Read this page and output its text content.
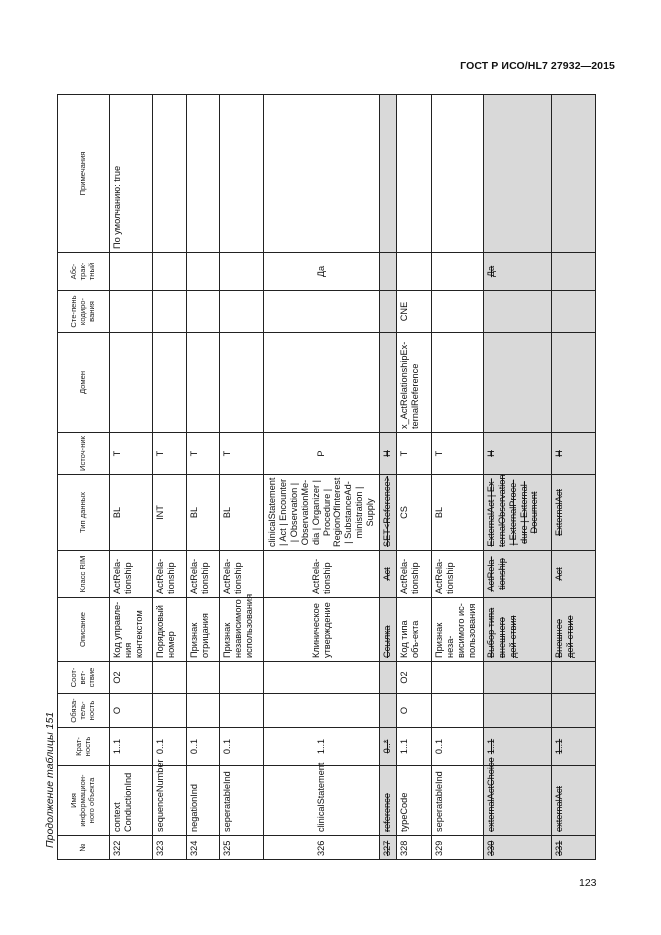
ГОСТ Р ИСО/HL7 27932—2015
Продолжение таблицы 151
123
№	Имя информацион-ного объекта	Крат-ность	Обяза-тель-ность	Соот-вет-ствие	Описание	Класс RIM	Тип данных	Источ-ник	Домен	Сте-пень кодиро-вания	Абс-трак-тный	Примечания
322	context ConductionInd	1..1	O	O2	Код управле-ния контекстом	ActRela-tionship	BL	T				По умолчанию: true
323	sequenceNumber	0..1			Порядковый номер	ActRela-tionship	INT	T				
324	negationInd	0..1			Признак отрицания	ActRela-tionship	BL	T				
325	seperatableInd	0..1			Признак независимого использования	ActRela-tionship	BL	T				
326	clinicalStatement	1..1			Клиническое утверждение	ActRela-tionship	clinicalStatement | Act | Encounter | Observation | ObservationMe-dia | Organizer | Procedure | RegionOfInterest | SubstanceAd-ministration | Supply	P			Да	
327	reference	0..*			Ссылка	Act	SET<Reference>	H				
328	typeCode	1..1	O	O2	Код типа объ-екта	ActRela-tionship	CS	T	x_ActRelationshipEx-ternalReference	CNE		
329	seperatableInd	0..1			Признак неза-висимого ис-пользования	ActRela-tionship	BL	T				
330	externalActChoice	1..1			Выбор типа внешнего дей-ствия	ActRela-tionship	ExternalAct | Ex-ternalObservation | ExternalProce-dure | External-Document	H			Да	
331	externalAct	1..1			Внешнее дей-ствие	Act	ExternalAct	H				
